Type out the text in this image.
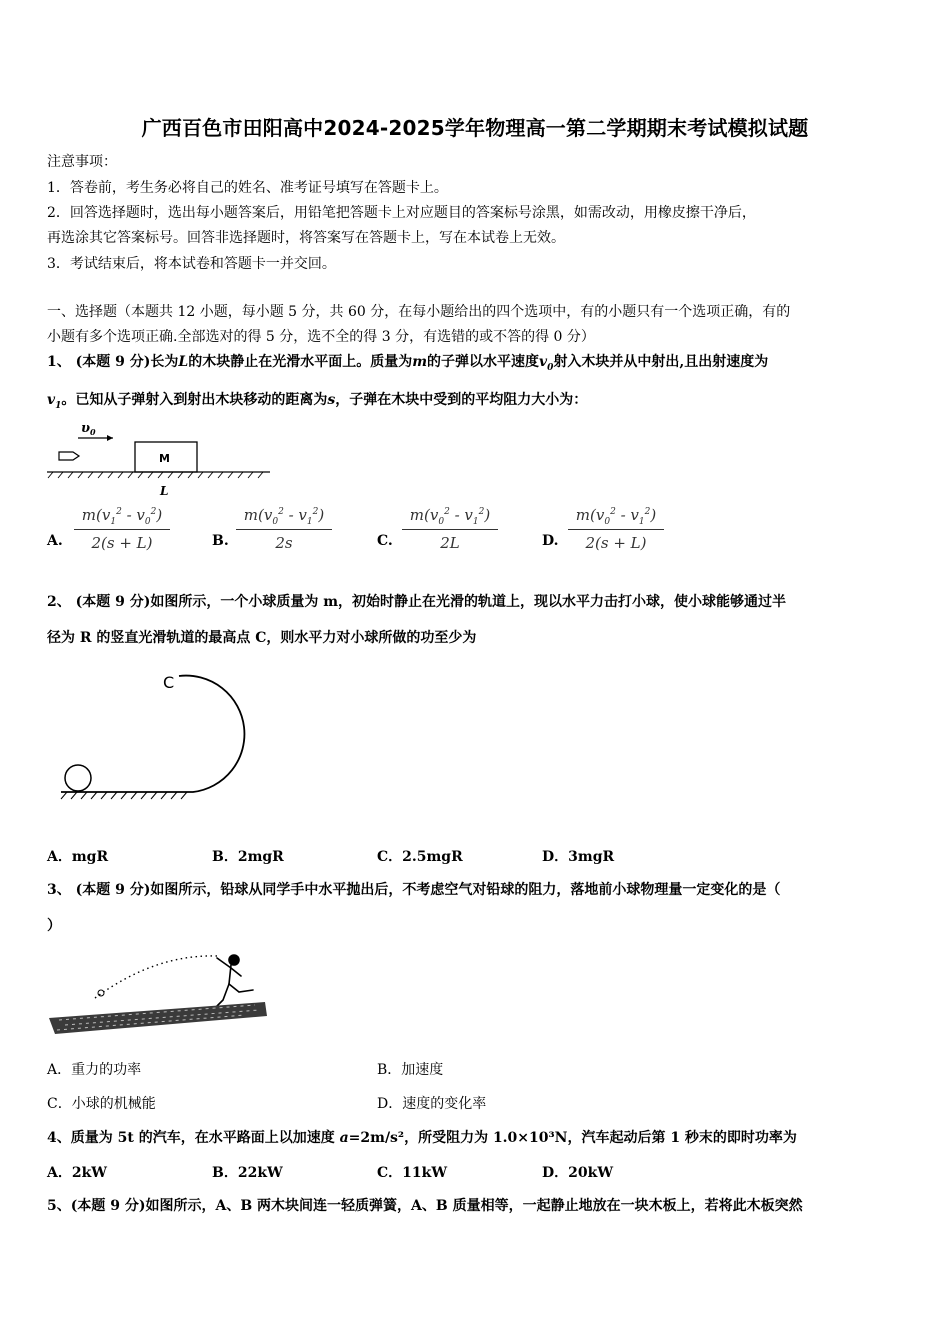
广西百色市田阳高中2024-2025学年物理高一第二学期期末考试模拟试题
注意事项：
1．答卷前，考生务必将自己的姓名、准考证号填写在答题卡上。
2．回答选择题时，选出每小题答案后，用铅笔把答题卡上对应题目的答案标号涂黑，如需改动，用橡皮擦干净后，
再选涂其它答案标号。回答非选择题时，将答案写在答题卡上，写在本试卷上无效。
3．考试结束后，将本试卷和答题卡一并交回。
一、选择题（本题共 12 小题，每小题 5 分，共 60 分，在每小题给出的四个选项中，有的小题只有一个选项正确，有的
小题有多个选项正确.全部选对的得 5 分，选不全的得 3 分，有选错的或不答的得 0 分）
1、 (本题 9 分)长为L的木块静止在光滑水平面上。质量为m的子弹以水平速度$v_0$射入木块并从中射出,且出射速度为
$v_1$。已知从子弹射入到射出木块移动的距离为s，子弹在木块中受到的平均阻力大小为：
$\upsilon_0$
M
L
A. $\frac{m(v_1^2 - v_0^2)}{2(s + L)}$	B. $\frac{m(v_0^2 - v_1^2)}{2s}$	C. $\frac{m(v_0^2 - v_1^2)}{2L}$	D. $\frac{m(v_0^2 - v_1^2)}{2(s + L)}$
2、 (本题 9 分)如图所示，一个小球质量为 m，初始时静止在光滑的轨道上，现以水平力击打小球，使小球能够通过半
径为 R 的竖直光滑轨道的最高点 C，则水平力对小球所做的功至少为
C
A．mgR	B．2mgR	C．2.5mgR	D．3mgR
3、 (本题 9 分)如图所示，铅球从同学手中水平抛出后，不考虑空气对铅球的阻力，落地前小球物理量一定变化的是（
）
A．重力的功率	B．加速度
C．小球的机械能	D．速度的变化率
4、质量为 5t 的汽车，在水平路面上以加速度 a=2m/s²，所受阻力为 1.0×10³N，汽车起动后第 1 秒末的即时功率为
A．2kW	B．22kW	C．11kW	D．20kW
5、(本题 9 分)如图所示，A、B 两木块间连一轻质弹簧，A、B 质量相等，一起静止地放在一块木板上，若将此木板突然
